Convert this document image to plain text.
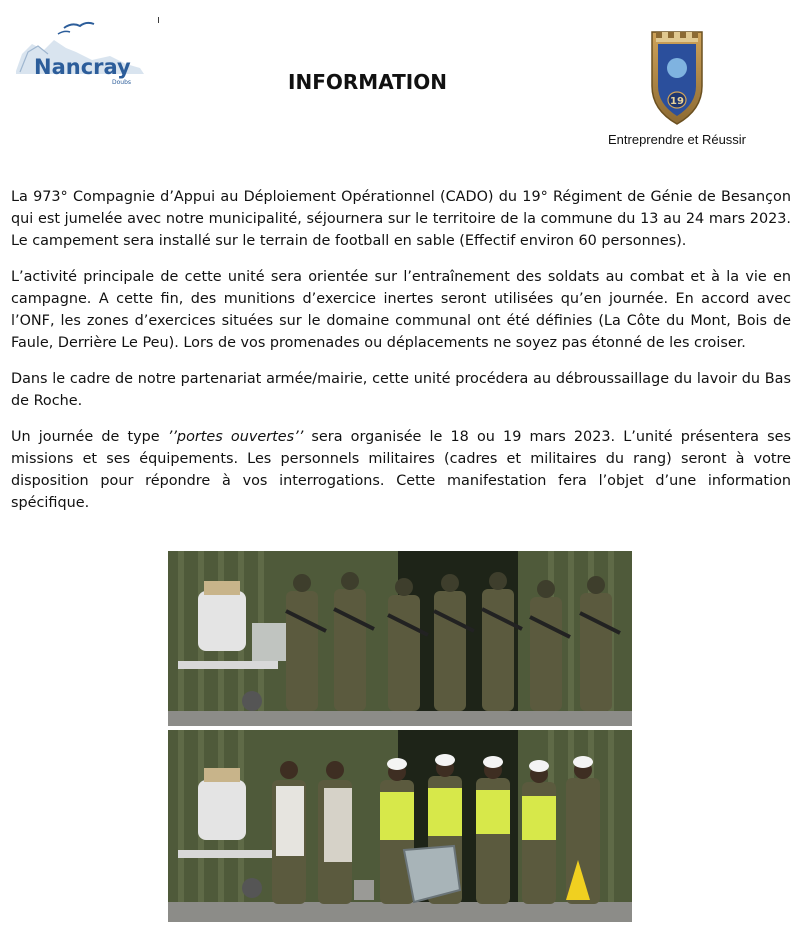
Nancray
Doubs
ı
INFORMATION
19
Entreprendre et Réussir

La 973° Compagnie d’Appui au Déploiement Opérationnel (CADO) du 19° Régiment de Génie de Besançon qui est jumelée avec notre municipalité, séjournera sur le territoire de la commune du 13 au 24 mars 2023. Le campement sera installé sur le terrain de football en sable (Effectif environ 60 personnes).

L’activité principale de cette unité sera orientée sur l’entraînement des soldats au combat et à la vie en campagne. A cette fin, des munitions d’exercice inertes seront utilisées qu’en journée. En accord avec l’ONF, les zones d’exercices situées sur le domaine communal ont été définies (La Côte du Mont, Bois de Faule, Derrière Le Peu). Lors de vos promenades ou déplacements ne soyez pas étonné de les croiser.

Dans le cadre de notre partenariat armée/mairie, cette unité procédera au débroussaillage du lavoir du Bas de Roche.

Un journée de type ’’portes ouvertes’’ sera organisée le 18 ou 19 mars 2023. L’unité présentera ses missions et ses équipements. Les personnels militaires (cadres et militaires du rang) seront à votre disposition pour répondre à vos interrogations. Cette manifestation fera l’objet d’une information spécifique.
